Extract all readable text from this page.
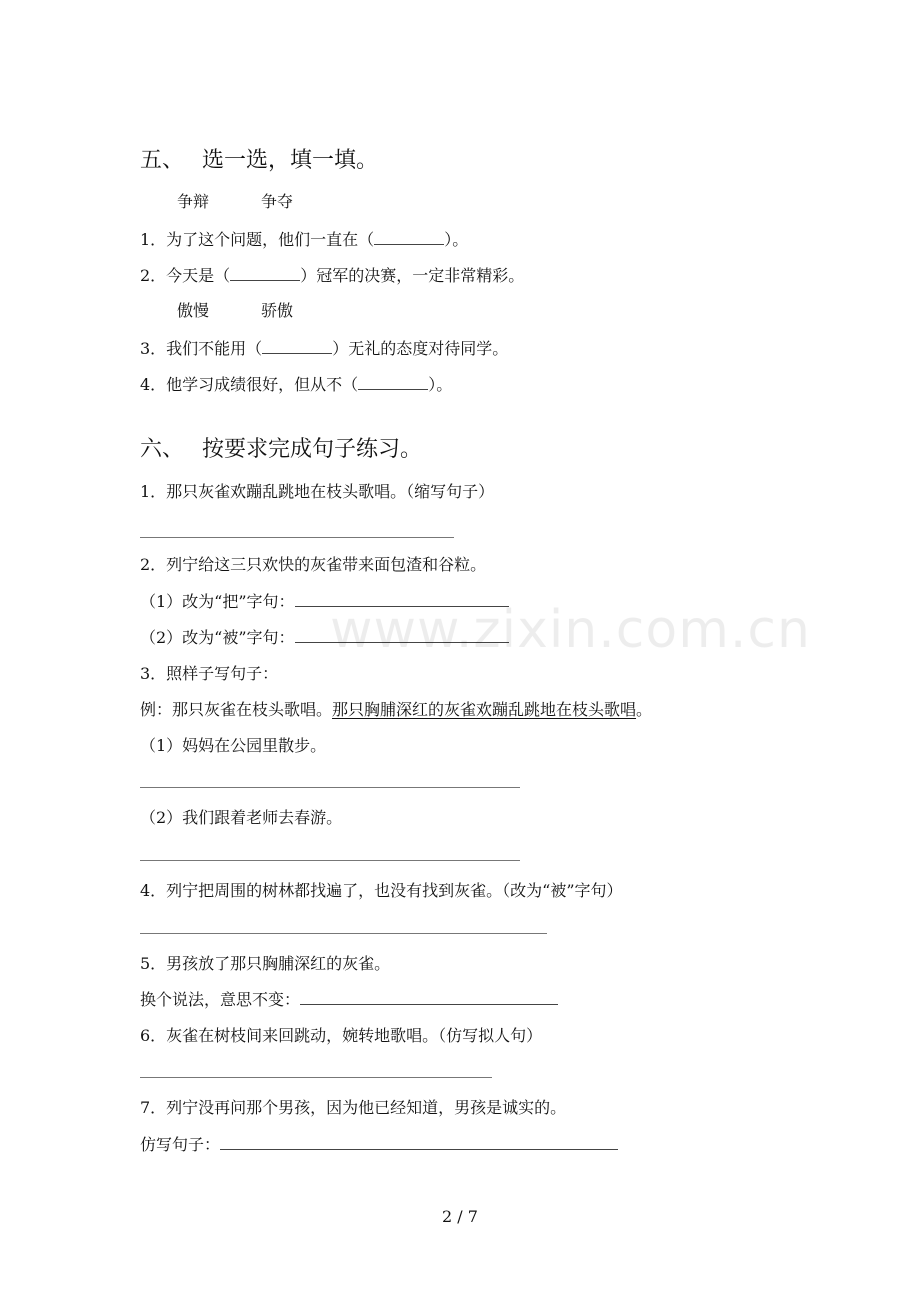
五、 选一选，填一填。
争辩	争夺
1．为了这个问题，他们一直在（	）。
2．今天是（	）冠军的决赛，一定非常精彩。
傲慢	骄傲
3．我们不能用（	）无礼的态度对待同学。
4．他学习成绩很好，但从不（	）。
六、 按要求完成句子练习。
1．那只灰雀欢蹦乱跳地在枝头歌唱。（缩写句子）
2．列宁给这三只欢快的灰雀带来面包渣和谷粒。
（1）改为“把”字句：
（2）改为“被”字句：
3．照样子写句子：
例：那只灰雀在枝头歌唱。那只胸脯深红的灰雀欢蹦乱跳地在枝头歌唱。
（1）妈妈在公园里散步。
（2）我们跟着老师去春游。
4．列宁把周围的树林都找遍了，也没有找到灰雀。（改为“被”字句）
5．男孩放了那只胸脯深红的灰雀。
换个说法，意思不变：
6．灰雀在树枝间来回跳动，婉转地歌唱。（仿写拟人句）
7．列宁没再问那个男孩，因为他已经知道，男孩是诚实的。
仿写句子：
www.zixin.com.cn
2 / 7
